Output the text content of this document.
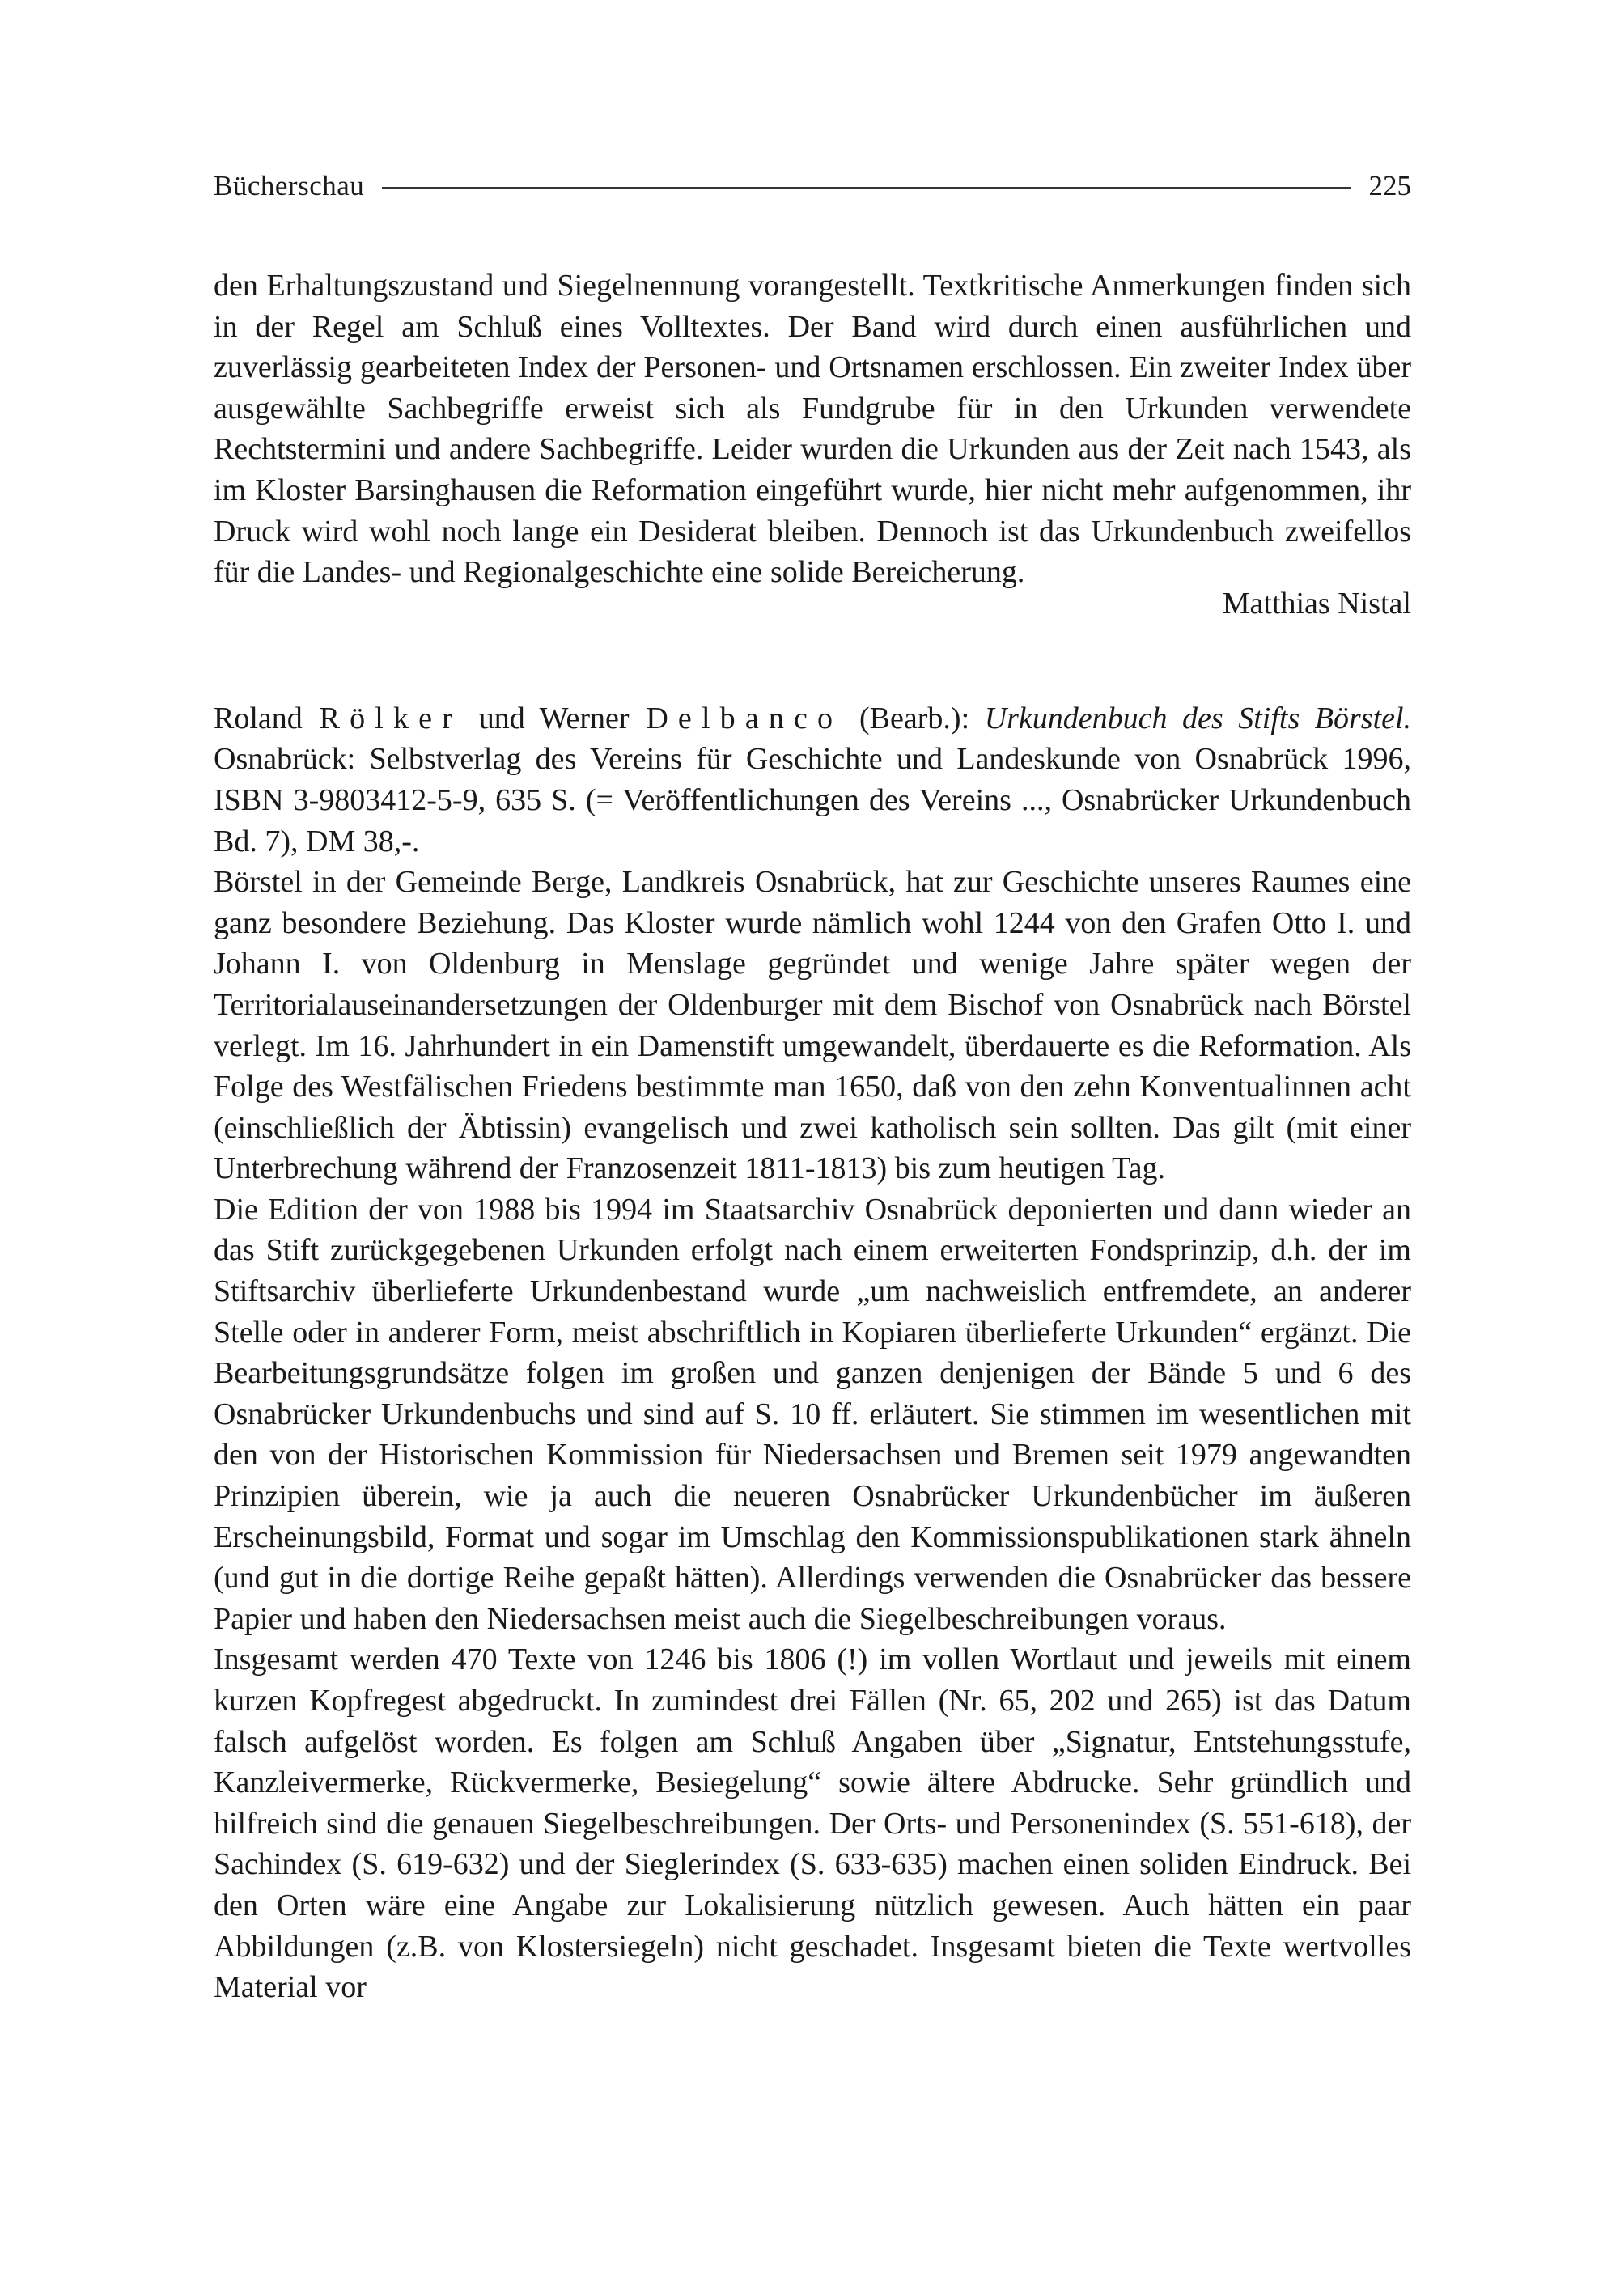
Bücherschau	225

den Erhaltungszustand und Siegelnennung vorangestellt. Textkritische Anmerkungen finden sich in der Regel am Schluß eines Volltextes. Der Band wird durch einen ausführlichen und zuverlässig gearbeiteten Index der Personen- und Ortsnamen erschlossen. Ein zweiter Index über ausgewählte Sachbegriffe erweist sich als Fundgrube für in den Urkunden verwendete Rechtstermini und andere Sachbegriffe. Leider wurden die Urkunden aus der Zeit nach 1543, als im Kloster Barsinghausen die Reformation eingeführt wurde, hier nicht mehr aufgenommen, ihr Druck wird wohl noch lange ein Desiderat bleiben. Dennoch ist das Urkundenbuch zweifellos für die Landes- und Regionalgeschichte eine solide Bereicherung.

Matthias Nistal

Roland Rölker und Werner Delbanco (Bearb.): Urkundenbuch des Stifts Börstel. Osnabrück: Selbstverlag des Vereins für Geschichte und Landeskunde von Osnabrück 1996, ISBN 3-9803412-5-9, 635 S. (= Veröffentlichungen des Vereins ..., Osnabrücker Urkundenbuch Bd. 7), DM 38,-.

Börstel in der Gemeinde Berge, Landkreis Osnabrück, hat zur Geschichte unseres Raumes eine ganz besondere Beziehung. Das Kloster wurde nämlich wohl 1244 von den Grafen Otto I. und Johann I. von Oldenburg in Menslage gegründet und wenige Jahre später wegen der Territorialauseinandersetzungen der Oldenburger mit dem Bischof von Osnabrück nach Börstel verlegt. Im 16. Jahrhundert in ein Damenstift umgewandelt, überdauerte es die Reformation. Als Folge des Westfälischen Friedens bestimmte man 1650, daß von den zehn Konventualinnen acht (einschließlich der Äbtissin) evangelisch und zwei katholisch sein sollten. Das gilt (mit einer Unterbrechung während der Franzosenzeit 1811-1813) bis zum heutigen Tag.

Die Edition der von 1988 bis 1994 im Staatsarchiv Osnabrück deponierten und dann wieder an das Stift zurückgegebenen Urkunden erfolgt nach einem erweiterten Fondsprinzip, d.h. der im Stiftsarchiv überlieferte Urkundenbestand wurde „um nachweislich entfremdete, an anderer Stelle oder in anderer Form, meist abschriftlich in Kopiaren überlieferte Urkunden“ ergänzt. Die Bearbeitungsgrundsätze folgen im großen und ganzen denjenigen der Bände 5 und 6 des Osnabrücker Urkundenbuchs und sind auf S. 10 ff. erläutert. Sie stimmen im wesentlichen mit den von der Historischen Kommission für Niedersachsen und Bremen seit 1979 angewandten Prinzipien überein, wie ja auch die neueren Osnabrücker Urkundenbücher im äußeren Erscheinungsbild, Format und sogar im Umschlag den Kommissionspublikationen stark ähneln (und gut in die dortige Reihe gepaßt hätten). Allerdings verwenden die Osnabrücker das bessere Papier und haben den Niedersachsen meist auch die Siegelbeschreibungen voraus.

Insgesamt werden 470 Texte von 1246 bis 1806 (!) im vollen Wortlaut und jeweils mit einem kurzen Kopfregest abgedruckt. In zumindest drei Fällen (Nr. 65, 202 und 265) ist das Datum falsch aufgelöst worden. Es folgen am Schluß Angaben über „Signatur, Entstehungsstufe, Kanzleivermerke, Rückvermerke, Besiegelung“ sowie ältere Abdrucke. Sehr gründlich und hilfreich sind die genauen Siegelbeschreibungen. Der Orts- und Personenindex (S. 551-618), der Sachindex (S. 619-632) und der Sieglerindex (S. 633-635) machen einen soliden Eindruck. Bei den Orten wäre eine Angabe zur Lokalisierung nützlich gewesen. Auch hätten ein paar Abbildungen (z.B. von Klostersiegeln) nicht geschadet. Insgesamt bieten die Texte wertvolles Material vor
